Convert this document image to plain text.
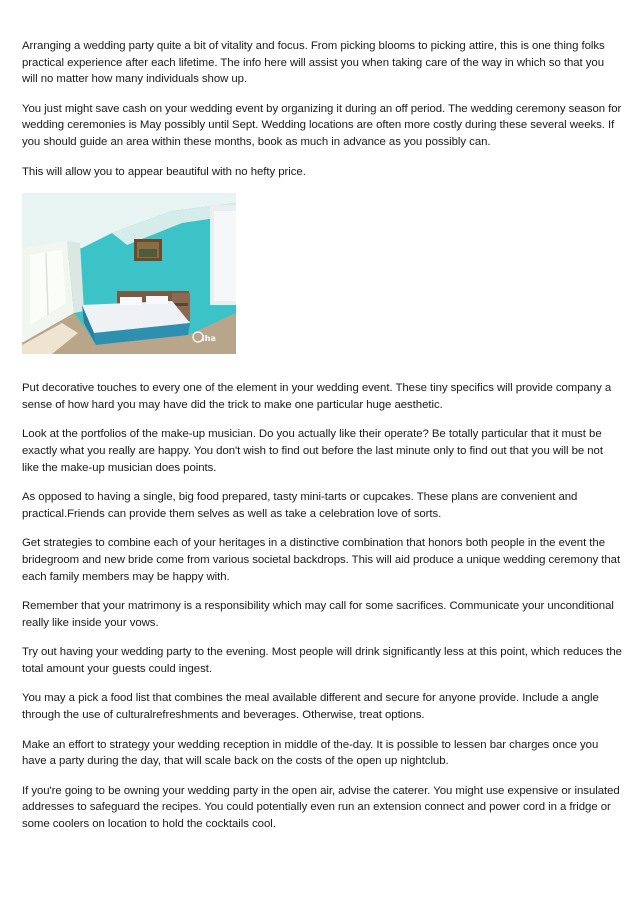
Arranging a wedding party quite a bit of vitality and focus. From picking blooms to picking attire, this is one thing folks practical experience after each lifetime. The info here will assist you when taking care of the way in which so that you will no matter how many individuals show up.

You just might save cash on your wedding event by organizing it during an off period. The wedding ceremony season for wedding ceremonies is May possibly until Sept. Wedding locations are often more costly during these several weeks. If you should guide an area within these months, book as much in advance as you possibly can.

This will allow you to appear beautiful with no hefty price.

iha

Put decorative touches to every one of the element in your wedding event. These tiny specifics will provide company a sense of how hard you may have did the trick to make one particular huge aesthetic.

Look at the portfolios of the make-up musician. Do you actually like their operate? Be totally particular that it must be exactly what you really are happy. You don't wish to find out before the last minute only to find out that you will be not like the make-up musician does points.

As opposed to having a single, big food prepared, tasty mini-tarts or cupcakes. These plans are convenient and practical.Friends can provide them selves as well as take a celebration love of sorts.

Get strategies to combine each of your heritages in a distinctive combination that honors both people in the event the bridegroom and new bride come from various societal backdrops. This will aid produce a unique wedding ceremony that each family members may be happy with.

Remember that your matrimony is a responsibility which may call for some sacrifices. Communicate your unconditional really like inside your vows.

Try out having your wedding party to the evening. Most people will drink significantly less at this point, which reduces the total amount your guests could ingest.

You may a pick a food list that combines the meal available different and secure for anyone provide. Include a angle through the use of culturalrefreshments and beverages. Otherwise, treat options.

Make an effort to strategy your wedding reception in middle of the-day. It is possible to lessen bar charges once you have a party during the day, that will scale back on the costs of the open up nightclub.

If you're going to be owning your wedding party in the open air, advise the caterer. You might use expensive or insulated addresses to safeguard the recipes. You could potentially even run an extension connect and power cord in a fridge or some coolers on location to hold the cocktails cool.
